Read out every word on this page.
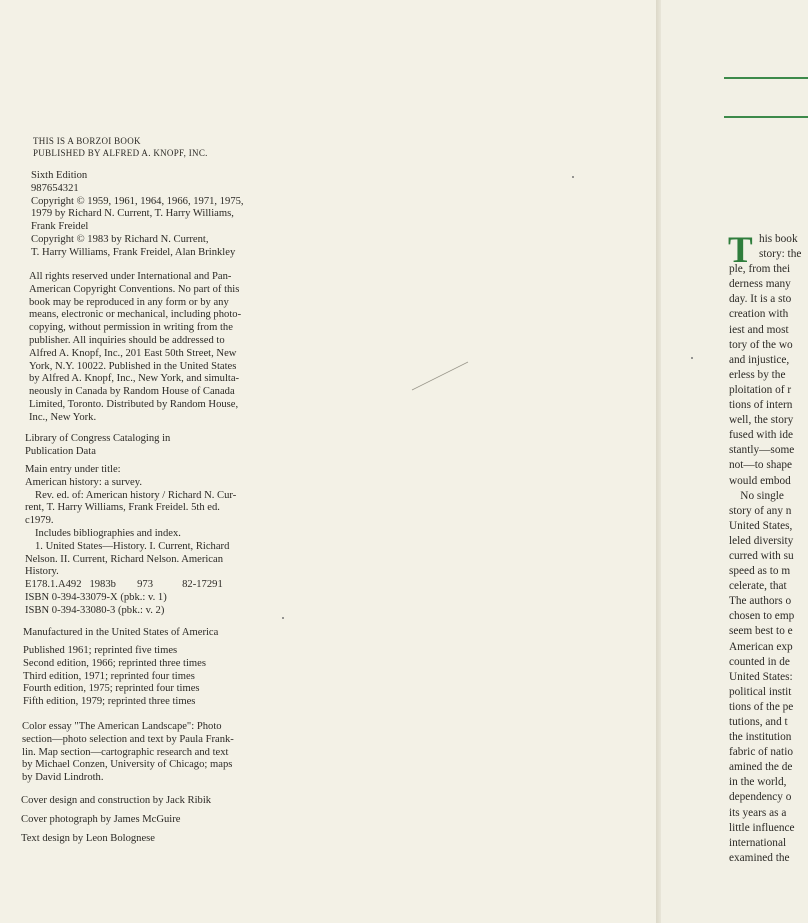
THIS IS A BORZOI BOOK
PUBLISHED BY ALFRED A. KNOPF, INC.

Sixth Edition

987654321

Copyright © 1959, 1961, 1964, 1966, 1971, 1975,

1979 by Richard N. Current, T. Harry Williams,

Frank Freidel

Copyright © 1983 by Richard N. Current,

T. Harry Williams, Frank Freidel, Alan Brinkley

All rights reserved under International and Pan-

American Copyright Conventions. No part of this

book may be reproduced in any form or by any

means, electronic or mechanical, including photo-

copying, without permission in writing from the

publisher. All inquiries should be addressed to

Alfred A. Knopf, Inc., 201 East 50th Street, New

York, N.Y. 10022. Published in the United States

by Alfred A. Knopf, Inc., New York, and simulta-

neously in Canada by Random House of Canada

Limited, Toronto. Distributed by Random House,

Inc., New York.

Library of Congress Cataloging in

Publication Data

Main entry under title:

American history: a survey.

Rev. ed. of: American history / Richard N. Cur-

rent, T. Harry Williams, Frank Freidel. 5th ed.

c1979.

Includes bibliographies and index.

1. United States—History. I. Current, Richard

Nelson. II. Current, Richard Nelson. American

History.

E178.1.A492   1983b        973           82-17291

ISBN 0-394-33079-X (pbk.: v. 1)

ISBN 0-394-33080-3 (pbk.: v. 2)

Manufactured in the United States of America

Published 1961; reprinted five times

Second edition, 1966; reprinted three times

Third edition, 1971; reprinted four times

Fourth edition, 1975; reprinted four times

Fifth edition, 1979; reprinted three times

Color essay "The American Landscape": Photo

section—photo selection and text by Paula Frank-

lin. Map section—cartographic research and text

by Michael Conzen, University of Chicago; maps

by David Lindroth.

Cover design and construction by Jack Ribik
Cover photograph by James McGuire
Text design by Leon Bolognese
T his book

story: the

ple, from thei

derness many

day. It is a sto

creation with

iest and most

tory of the wo

and injustice,

erless by the

ploitation of r

tions of intern

well, the story

fused with ide

stantly—some

not—to shape

would embod

No single

story of any n

United States,

leled diversity

curred with su

speed as to m

celerate, that

The authors o

chosen to emp

seem best to e

American exp

counted in de

United States:

political instit

tions of the pe

tutions, and t

the institution

fabric of natio

amined the de

in the world,

dependency o

its years as a

little influence

international

examined the
